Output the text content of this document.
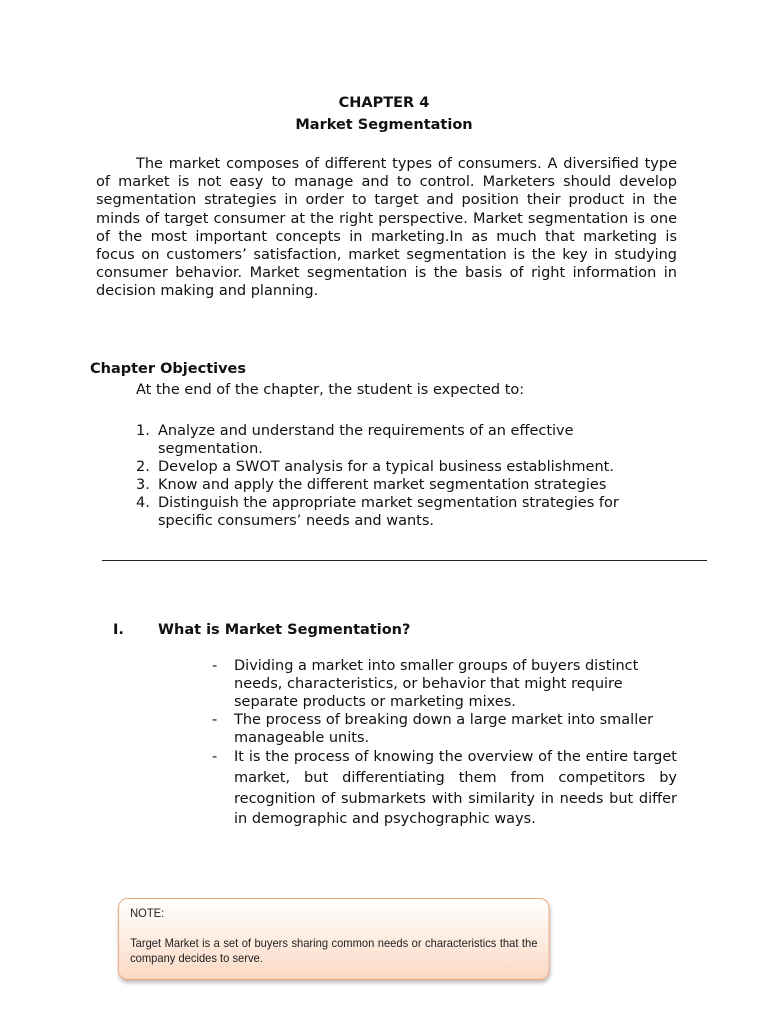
CHAPTER 4
Market Segmentation

The market composes of different types of consumers. A diversified type of market is not easy to manage and to control. Marketers should develop segmentation strategies in order to target and position their product in the minds of target consumer at the right perspective. Market segmentation is one of the most important concepts in marketing.In as much that marketing is focus on customers’ satisfaction, market segmentation is the key in studying consumer behavior. Market segmentation is the basis of right information in decision making and planning.

Chapter Objectives
At the end of the chapter, the student is expected to:
1. Analyze and understand the requirements of an effective segmentation.
2. Develop a SWOT analysis for a typical business establishment.
3. Know and apply the different market segmentation strategies
4. Distinguish the appropriate market segmentation strategies for specific consumers’ needs and wants.
I. What is Market Segmentation?
- Dividing a market into smaller groups of buyers distinct needs, characteristics, or behavior that might require separate products or marketing mixes.
- The process of breaking down a large market into smaller manageable units.
- It is the process of knowing the overview of the entire target market, but differentiating them from competitors by recognition of submarkets with similarity in needs but differ in demographic and psychographic ways.
NOTE:
Target Market is a set of buyers sharing common needs or characteristics that the company decides to serve.
